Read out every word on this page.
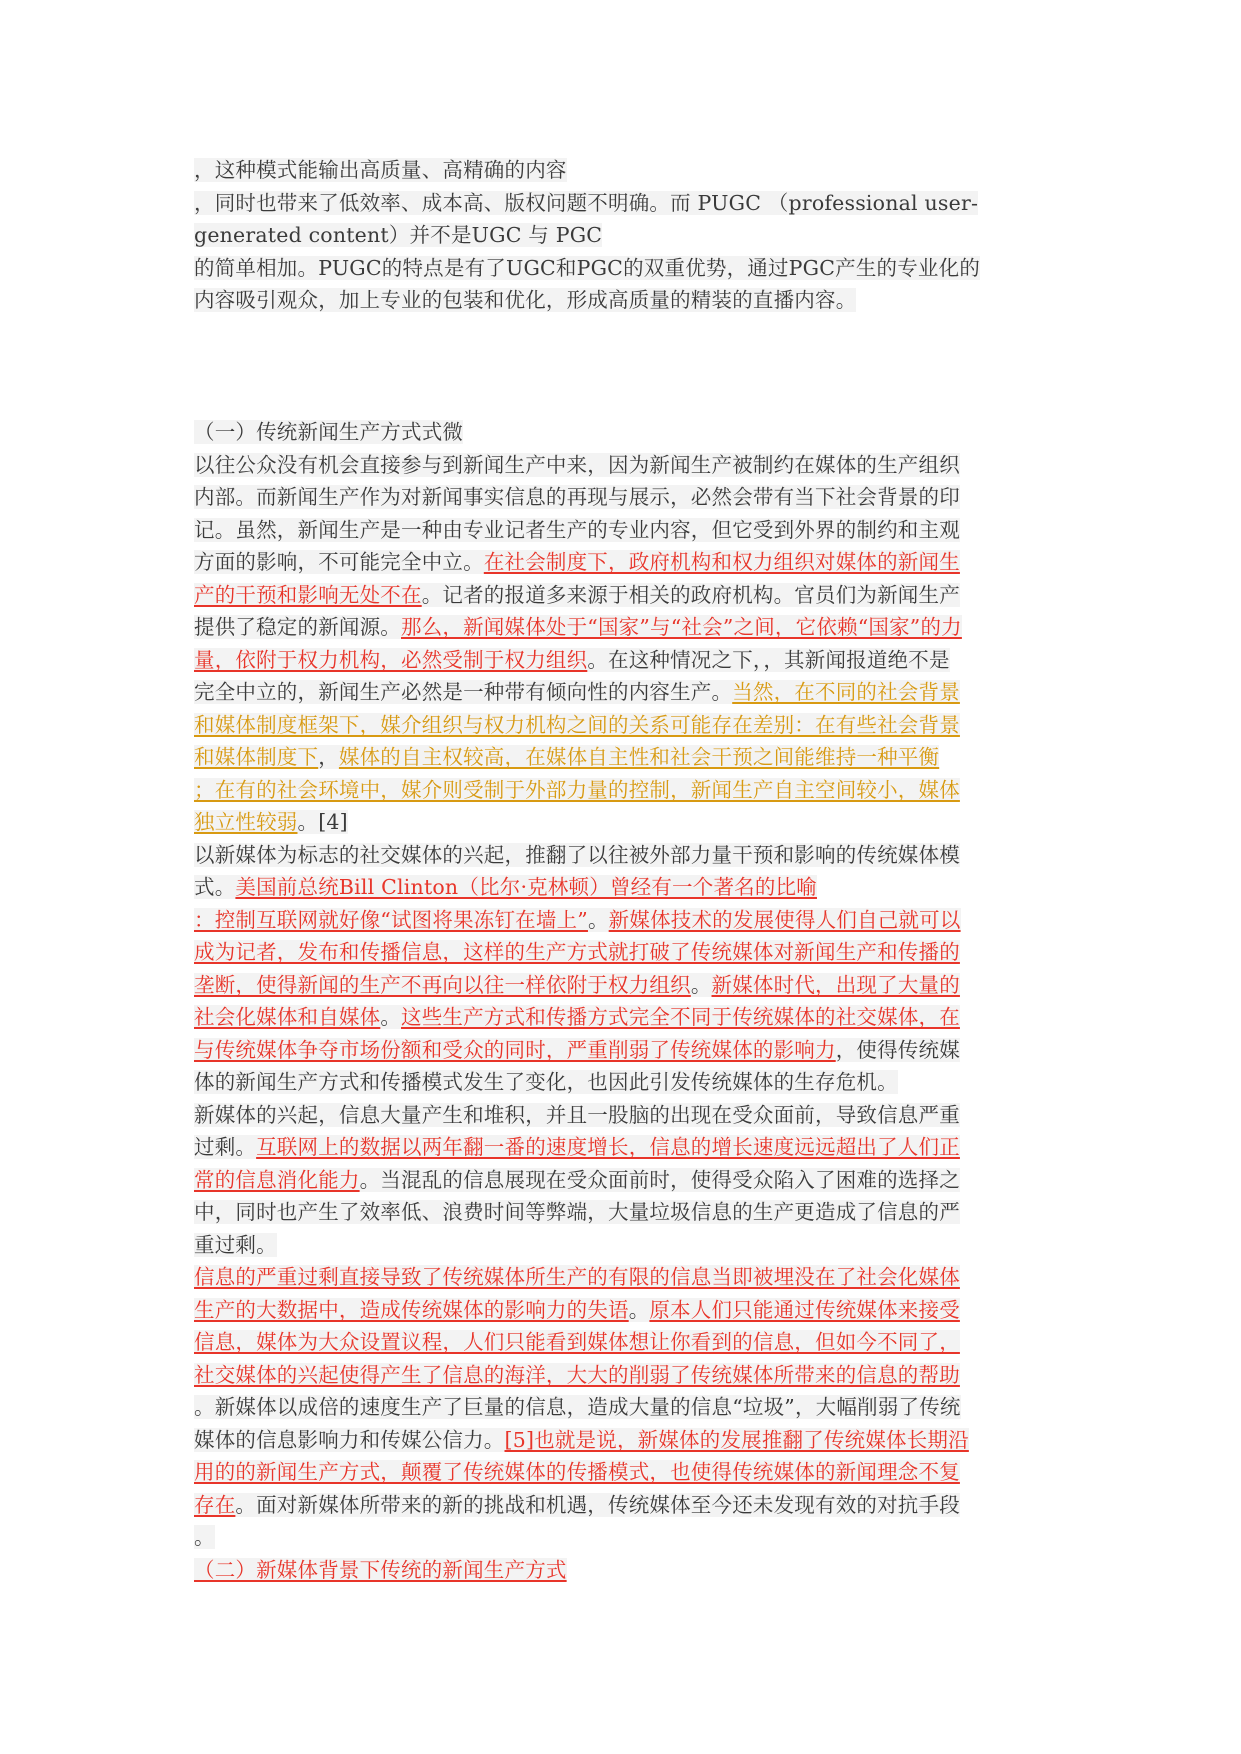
，这种模式能输出高质量、高精确的内容
，同时也带来了低效率、成本高、版权问题不明确。而 PUGC （professional user-
generated content）并不是UGC 与 PGC
的简单相加。PUGC的特点是有了UGC和PGC的双重优势，通过PGC产生的专业化的
内容吸引观众，加上专业的包装和优化，形成高质量的精装的直播内容。
（一）传统新闻生产方式式微
以往公众没有机会直接参与到新闻生产中来，因为新闻生产被制约在媒体的生产组织
内部。而新闻生产作为对新闻事实信息的再现与展示，必然会带有当下社会背景的印
记。虽然，新闻生产是一种由专业记者生产的专业内容，但它受到外界的制约和主观
方面的影响，不可能完全中立。在社会制度下，政府机构和权力组织对媒体的新闻生
产的干预和影响无处不在。记者的报道多来源于相关的政府机构。官员们为新闻生产
提供了稳定的新闻源。那么，新闻媒体处于“国家”与“社会”之间，它依赖“国家”的力
量，依附于权力机构，必然受制于权力组织。在这种情况之下，，其新闻报道绝不是
完全中立的，新闻生产必然是一种带有倾向性的内容生产。当然，在不同的社会背景
和媒体制度框架下，媒介组织与权力机构之间的关系可能存在差别：在有些社会背景
和媒体制度下，媒体的自主权较高，在媒体自主性和社会干预之间能维持一种平衡
；在有的社会环境中，媒介则受制于外部力量的控制，新闻生产自主空间较小，媒体
独立性较弱。[4]
以新媒体为标志的社交媒体的兴起，推翻了以往被外部力量干预和影响的传统媒体模
式。美国前总统Bill Clinton（比尔·克林顿）曾经有一个著名的比喻
：控制互联网就好像“试图将果冻钉在墙上”。新媒体技术的发展使得人们自己就可以
成为记者，发布和传播信息，这样的生产方式就打破了传统媒体对新闻生产和传播的
垄断，使得新闻的生产不再向以往一样依附于权力组织。新媒体时代，出现了大量的
社会化媒体和自媒体。这些生产方式和传播方式完全不同于传统媒体的社交媒体，在
与传统媒体争夺市场份额和受众的同时，严重削弱了传统媒体的影响力，使得传统媒
体的新闻生产方式和传播模式发生了变化，也因此引发传统媒体的生存危机。
新媒体的兴起，信息大量产生和堆积，并且一股脑的出现在受众面前，导致信息严重
过剩。互联网上的数据以两年翻一番的速度增长，信息的增长速度远远超出了人们正
常的信息消化能力。当混乱的信息展现在受众面前时，使得受众陷入了困难的选择之
中，同时也产生了效率低、浪费时间等弊端，大量垃圾信息的生产更造成了信息的严
重过剩。
信息的严重过剩直接导致了传统媒体所生产的有限的信息当即被埋没在了社会化媒体
生产的大数据中，造成传统媒体的影响力的失语。原本人们只能通过传统媒体来接受
信息，媒体为大众设置议程，人们只能看到媒体想让你看到的信息，但如今不同了，
社交媒体的兴起使得产生了信息的海洋，大大的削弱了传统媒体所带来的信息的帮助
。新媒体以成倍的速度生产了巨量的信息，造成大量的信息“垃圾”，大幅削弱了传统
媒体的信息影响力和传媒公信力。[5]也就是说，新媒体的发展推翻了传统媒体长期沿
用的的新闻生产方式，颠覆了传统媒体的传播模式，也使得传统媒体的新闻理念不复
存在。面对新媒体所带来的新的挑战和机遇，传统媒体至今还未发现有效的对抗手段
。
（二）新媒体背景下传统的新闻生产方式
